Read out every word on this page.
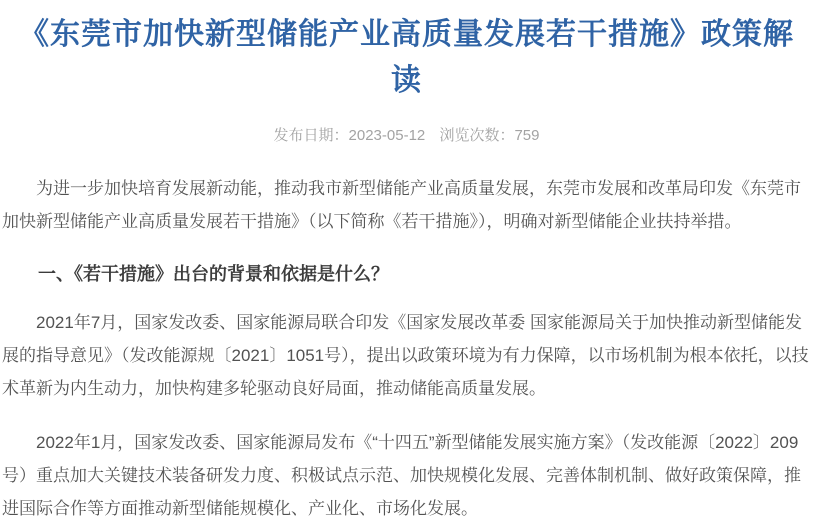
《东莞市加快新型储能产业高质量发展若干措施》政策解读
发布日期：2023-05-12 浏览次数：759

为进一步加快培育发展新动能，推动我市新型储能产业高质量发展，东莞市发展和改革局印发《东莞市加快新型储能产业高质量发展若干措施》（以下简称《若干措施》），明确对新型储能企业扶持举措。

一、《若干措施》出台的背景和依据是什么？

2021年7月，国家发改委、国家能源局联合印发《国家发展改革委 国家能源局关于加快推动新型储能发展的指导意见》（发改能源规〔2021〕1051号），提出以政策环境为有力保障，以市场机制为根本依托，以技术革新为内生动力，加快构建多轮驱动良好局面，推动储能高质量发展。

2022年1月，国家发改委、国家能源局发布《“十四五”新型储能发展实施方案》（发改能源〔2022〕209号）重点加大关键技术装备研发力度、积极试点示范、加快规模化发展、完善体制机制、做好政策保障，推进国际合作等方面推动新型储能规模化、产业化、市场化发展。
